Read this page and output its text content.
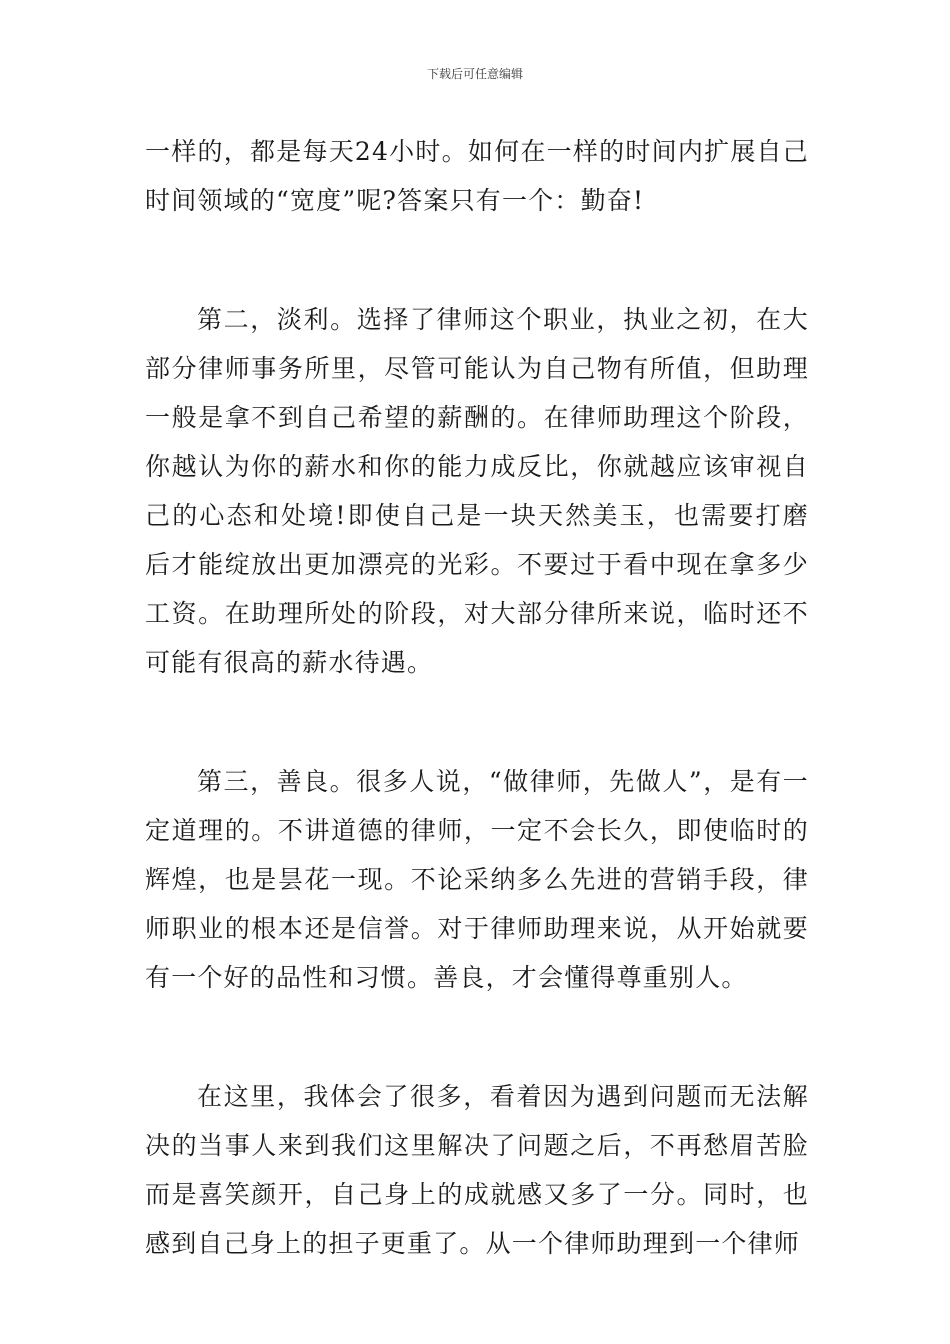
下载后可任意编辑

一样的，都是每天24小时。如何在一样的时间内扩展自己时间领域的“宽度”呢?答案只有一个：勤奋!

第二，淡利。选择了律师这个职业，执业之初，在大部分律师事务所里，尽管可能认为自己物有所值，但助理一般是拿不到自己希望的薪酬的。在律师助理这个阶段，你越认为你的薪水和你的能力成反比，你就越应该审视自己的心态和处境!即使自己是一块天然美玉，也需要打磨后才能绽放出更加漂亮的光彩。不要过于看中现在拿多少工资。在助理所处的阶段，对大部分律所来说，临时还不可能有很高的薪水待遇。

第三，善良。很多人说，“做律师，先做人”，是有一定道理的。不讲道德的律师，一定不会长久，即使临时的辉煌，也是昙花一现。不论采纳多么先进的营销手段，律师职业的根本还是信誉。对于律师助理来说，从开始就要有一个好的品性和习惯。善良，才会懂得尊重别人。

在这里，我体会了很多，看着因为遇到问题而无法解决的当事人来到我们这里解决了问题之后，不再愁眉苦脸而是喜笑颜开，自己身上的成就感又多了一分。同时，也感到自己身上的担子更重了。从一个律师助理到一个律师
